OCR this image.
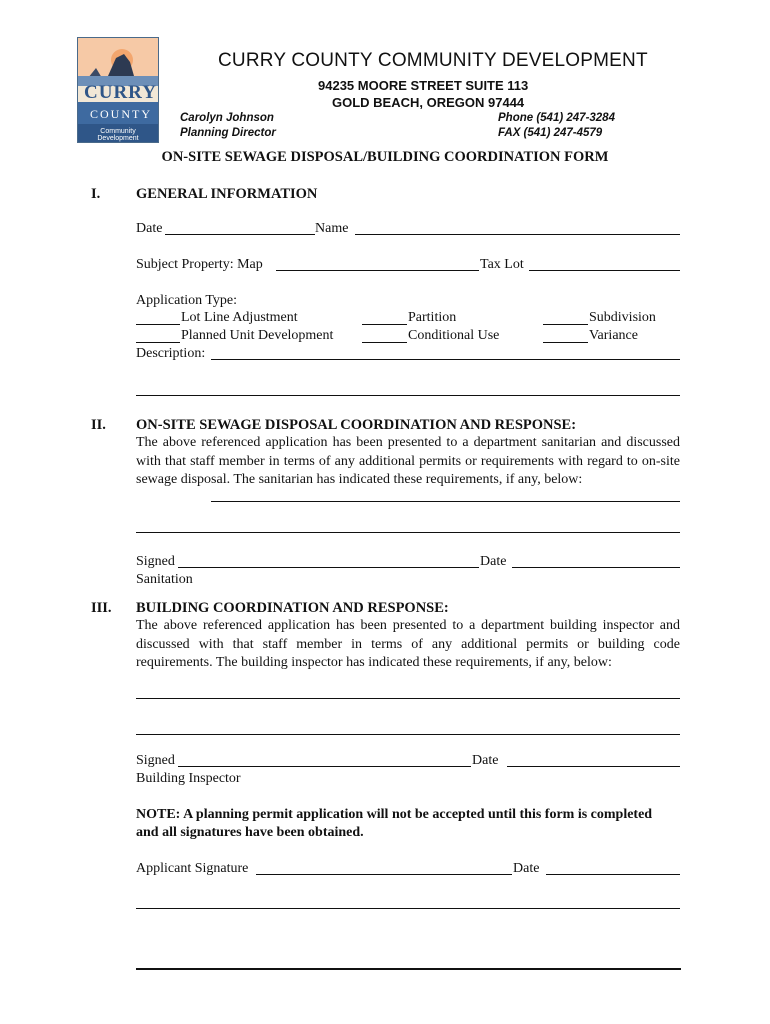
CURRY
COUNTY
Community Development
CURRY COUNTY COMMUNITY DEVELOPMENT
94235 MOORE STREET SUITE 113
GOLD BEACH, OREGON 97444
Carolyn Johnson
Planning Director
Phone (541) 247-3284
FAX (541) 247-4579
ON-SITE SEWAGE DISPOSAL/BUILDING COORDINATION FORM
I. GENERAL INFORMATION
Date	Name
Subject Property: Map	Tax Lot
Application Type:
Lot Line Adjustment	Partition	Subdivision
Planned Unit Development	Conditional Use	Variance
Description:
II. ON-SITE SEWAGE DISPOSAL COORDINATION AND RESPONSE:
The above referenced application has been presented to a department sanitarian and discussed with that staff member in terms of any additional permits or requirements with regard to on-site sewage disposal. The sanitarian has indicated these requirements, if any, below:
Signed	Date
Sanitation
III. BUILDING COORDINATION AND RESPONSE:
The above referenced application has been presented to a department building inspector and discussed with that staff member in terms of any additional permits or building code requirements. The building inspector has indicated these requirements, if any, below:
Signed	Date
Building Inspector
NOTE: A planning permit application will not be accepted until this form is completed and all signatures have been obtained.
Applicant Signature	Date
